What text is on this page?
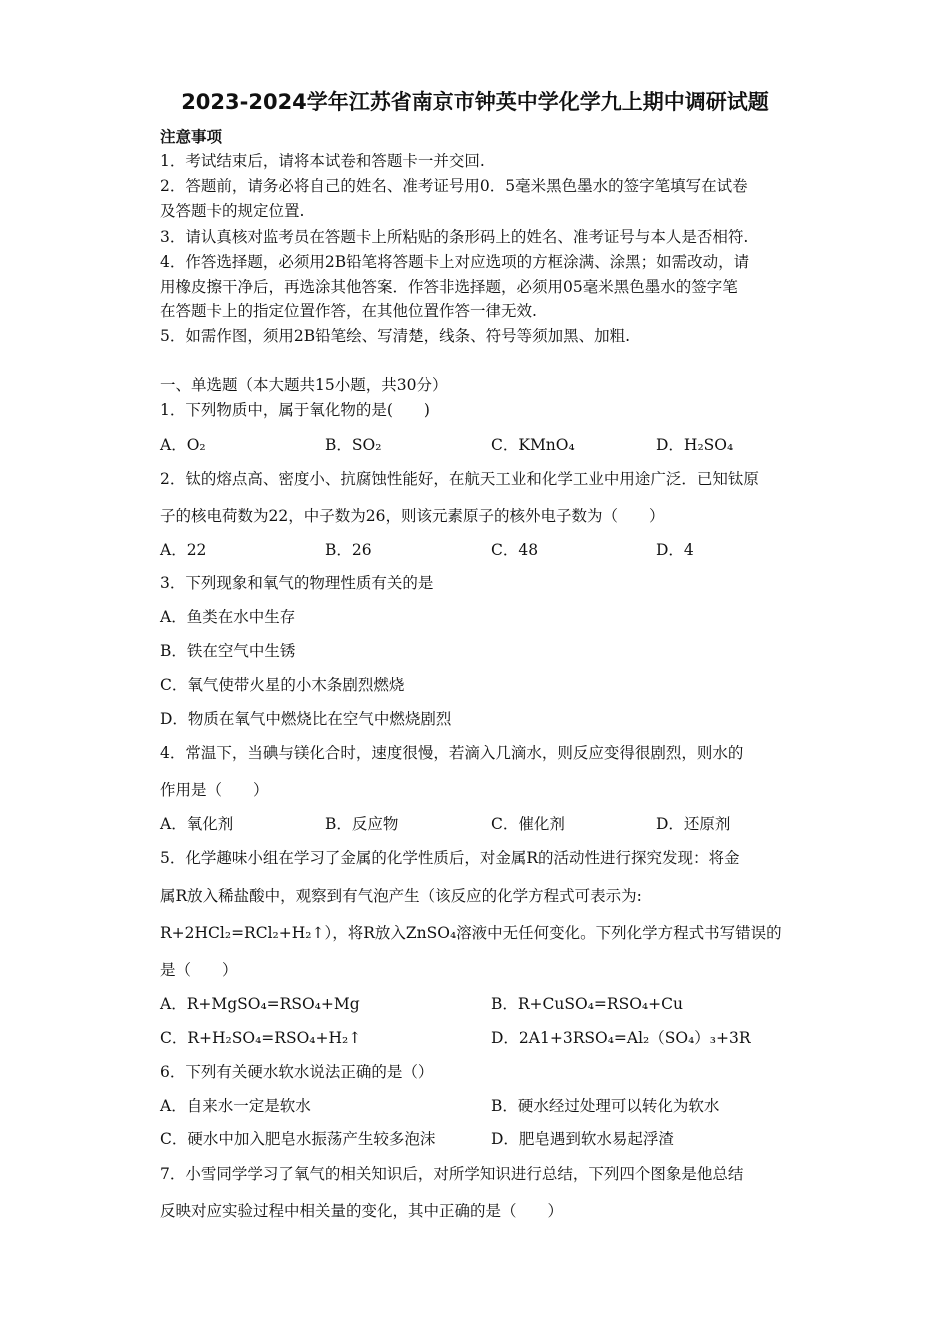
2023-2024学年江苏省南京市钟英中学化学九上期中调研试题
注意事项
1．考试结束后，请将本试卷和答题卡一并交回.
2．答题前，请务必将自己的姓名、准考证号用0．5毫米黑色墨水的签字笔填写在试卷
及答题卡的规定位置.
3．请认真核对监考员在答题卡上所粘贴的条形码上的姓名、准考证号与本人是否相符.
4．作答选择题，必须用2B铅笔将答题卡上对应选项的方框涂满、涂黑；如需改动，请
用橡皮擦干净后，再选涂其他答案．作答非选择题，必须用05毫米黑色墨水的签字笔
在答题卡上的指定位置作答，在其他位置作答一律无效.
5．如需作图，须用2B铅笔绘、写清楚，线条、符号等须加黑、加粗.
一、单选题（本大题共15小题，共30分）
1．下列物质中，属于氧化物的是(　　)
A．O₂	B．SO₂	C．KMnO₄	D．H₂SO₄
2．钛的熔点高、密度小、抗腐蚀性能好，在航天工业和化学工业中用途广泛．已知钛原
子的核电荷数为22，中子数为26，则该元素原子的核外电子数为（　　）
A．22	B．26	C．48	D．4
3．下列现象和氧气的物理性质有关的是
A．鱼类在水中生存
B．铁在空气中生锈
C．氧气使带火星的小木条剧烈燃烧
D．物质在氧气中燃烧比在空气中燃烧剧烈
4．常温下，当碘与镁化合时，速度很慢，若滴入几滴水，则反应变得很剧烈，则水的
作用是（　　）
A．氧化剂	B．反应物	C．催化剂	D．还原剂
5．化学趣味小组在学习了金属的化学性质后，对金属R的活动性进行探究发现：将金
属R放入稀盐酸中，观察到有气泡产生（该反应的化学方程式可表示为:
R+2HCl₂=RCl₂+H₂↑），将R放入ZnSO₄溶液中无任何变化。下列化学方程式书写错误的
是（　　）
A．R+MgSO₄=RSO₄+Mg	B．R+CuSO₄=RSO₄+Cu
C．R+H₂SO₄=RSO₄+H₂↑	D．2A1+3RSO₄=Al₂（SO₄）₃+3R
6．下列有关硬水软水说法正确的是（）
A．自来水一定是软水	B．硬水经过处理可以转化为软水
C．硬水中加入肥皂水振荡产生较多泡沫	D．肥皂遇到软水易起浮渣
7．小雪同学学习了氧气的相关知识后，对所学知识进行总结，下列四个图象是他总结
反映对应实验过程中相关量的变化，其中正确的是（　　）
